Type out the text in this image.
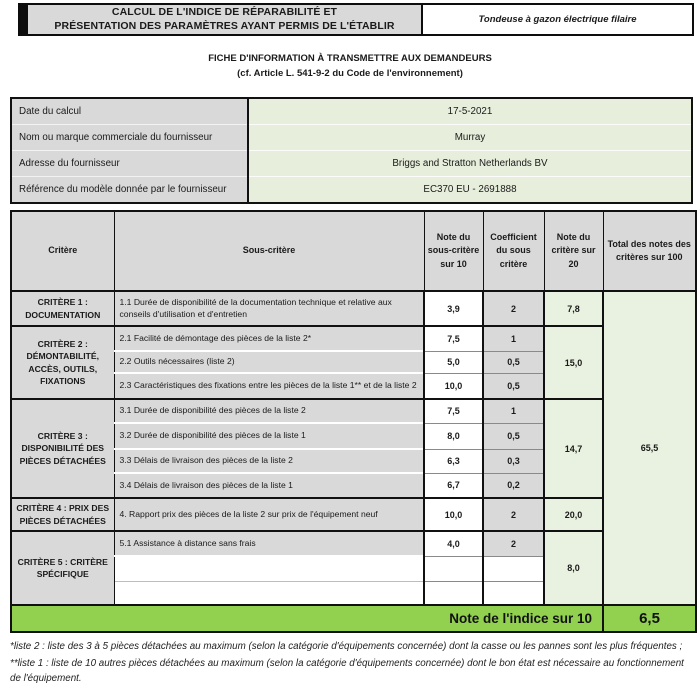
CALCUL DE L'INDICE DE RÉPARABILITÉ ET
PRÉSENTATION DES PARAMÈTRES AYANT PERMIS DE L'ÉTABLIR	Tondeuse à gazon électrique filaire
FICHE D'INFORMATION À TRANSMETTRE AUX DEMANDEURS
(cf. Article L. 541-9-2 du Code de l'environnement)
Date du calcul	17-5-2021
Nom ou marque commerciale du fournisseur	Murray
Adresse du fournisseur	Briggs and Stratton Netherlands BV
Référence du modèle donnée par le fournisseur	EC370 EU - 2691888
Critère	Sous-critère	Note du sous-critère sur 10	Coefficient du sous critère	Note du critère sur 20	Total des notes des critères sur 100
CRITÈRE 1 : DOCUMENTATION	1.1 Durée de disponibilité de la documentation technique et relative aux conseils d'utilisation et d'entretien	3,9	2	7,8	65,5
CRITÈRE 2 : DÉMONTABILITÉ, ACCÈS, OUTILS, FIXATIONS	2.1 Facilité de démontage des pièces de la liste 2*	7,5	1	15,0	
	2.2 Outils nécessaires (liste 2)	5,0	0,5		
	2.3 Caractéristiques des fixations entre les pièces de la liste 1** et de la liste 2	10,0	0,5		
CRITÈRE 3 : DISPONIBILITÉ DES PIÈCES DÉTACHÉES	3.1 Durée de disponibilité des pièces de la liste 2	7,5	1	14,7	
	3.2 Durée de disponibilité des pièces de la liste 1	8,0	0,5		
	3.3 Délais de livraison des pièces de la liste 2	6,3	0,3		
	3.4 Délais de livraison des pièces de la liste 1	6,7	0,2		
CRITÈRE 4 : PRIX DES PIÈCES DÉTACHÉES	4. Rapport prix des pièces de la liste 2 sur prix de l'équipement neuf	10,0	2	20,0	
CRITÈRE 5 : CRITÈRE SPÉCIFIQUE	5.1 Assistance à distance sans frais	4,0	2	8,0	

Note de l'indice sur 10					6,5

*liste 2 : liste des 3 à 5 pièces détachées au maximum (selon la catégorie d'équipements concernée) dont la casse ou les pannes sont les plus fréquentes ;

**liste 1 : liste de 10 autres pièces détachées au maximum (selon la catégorie d'équipements concernée) dont le bon état est nécessaire au fonctionnement de l'équipement.
